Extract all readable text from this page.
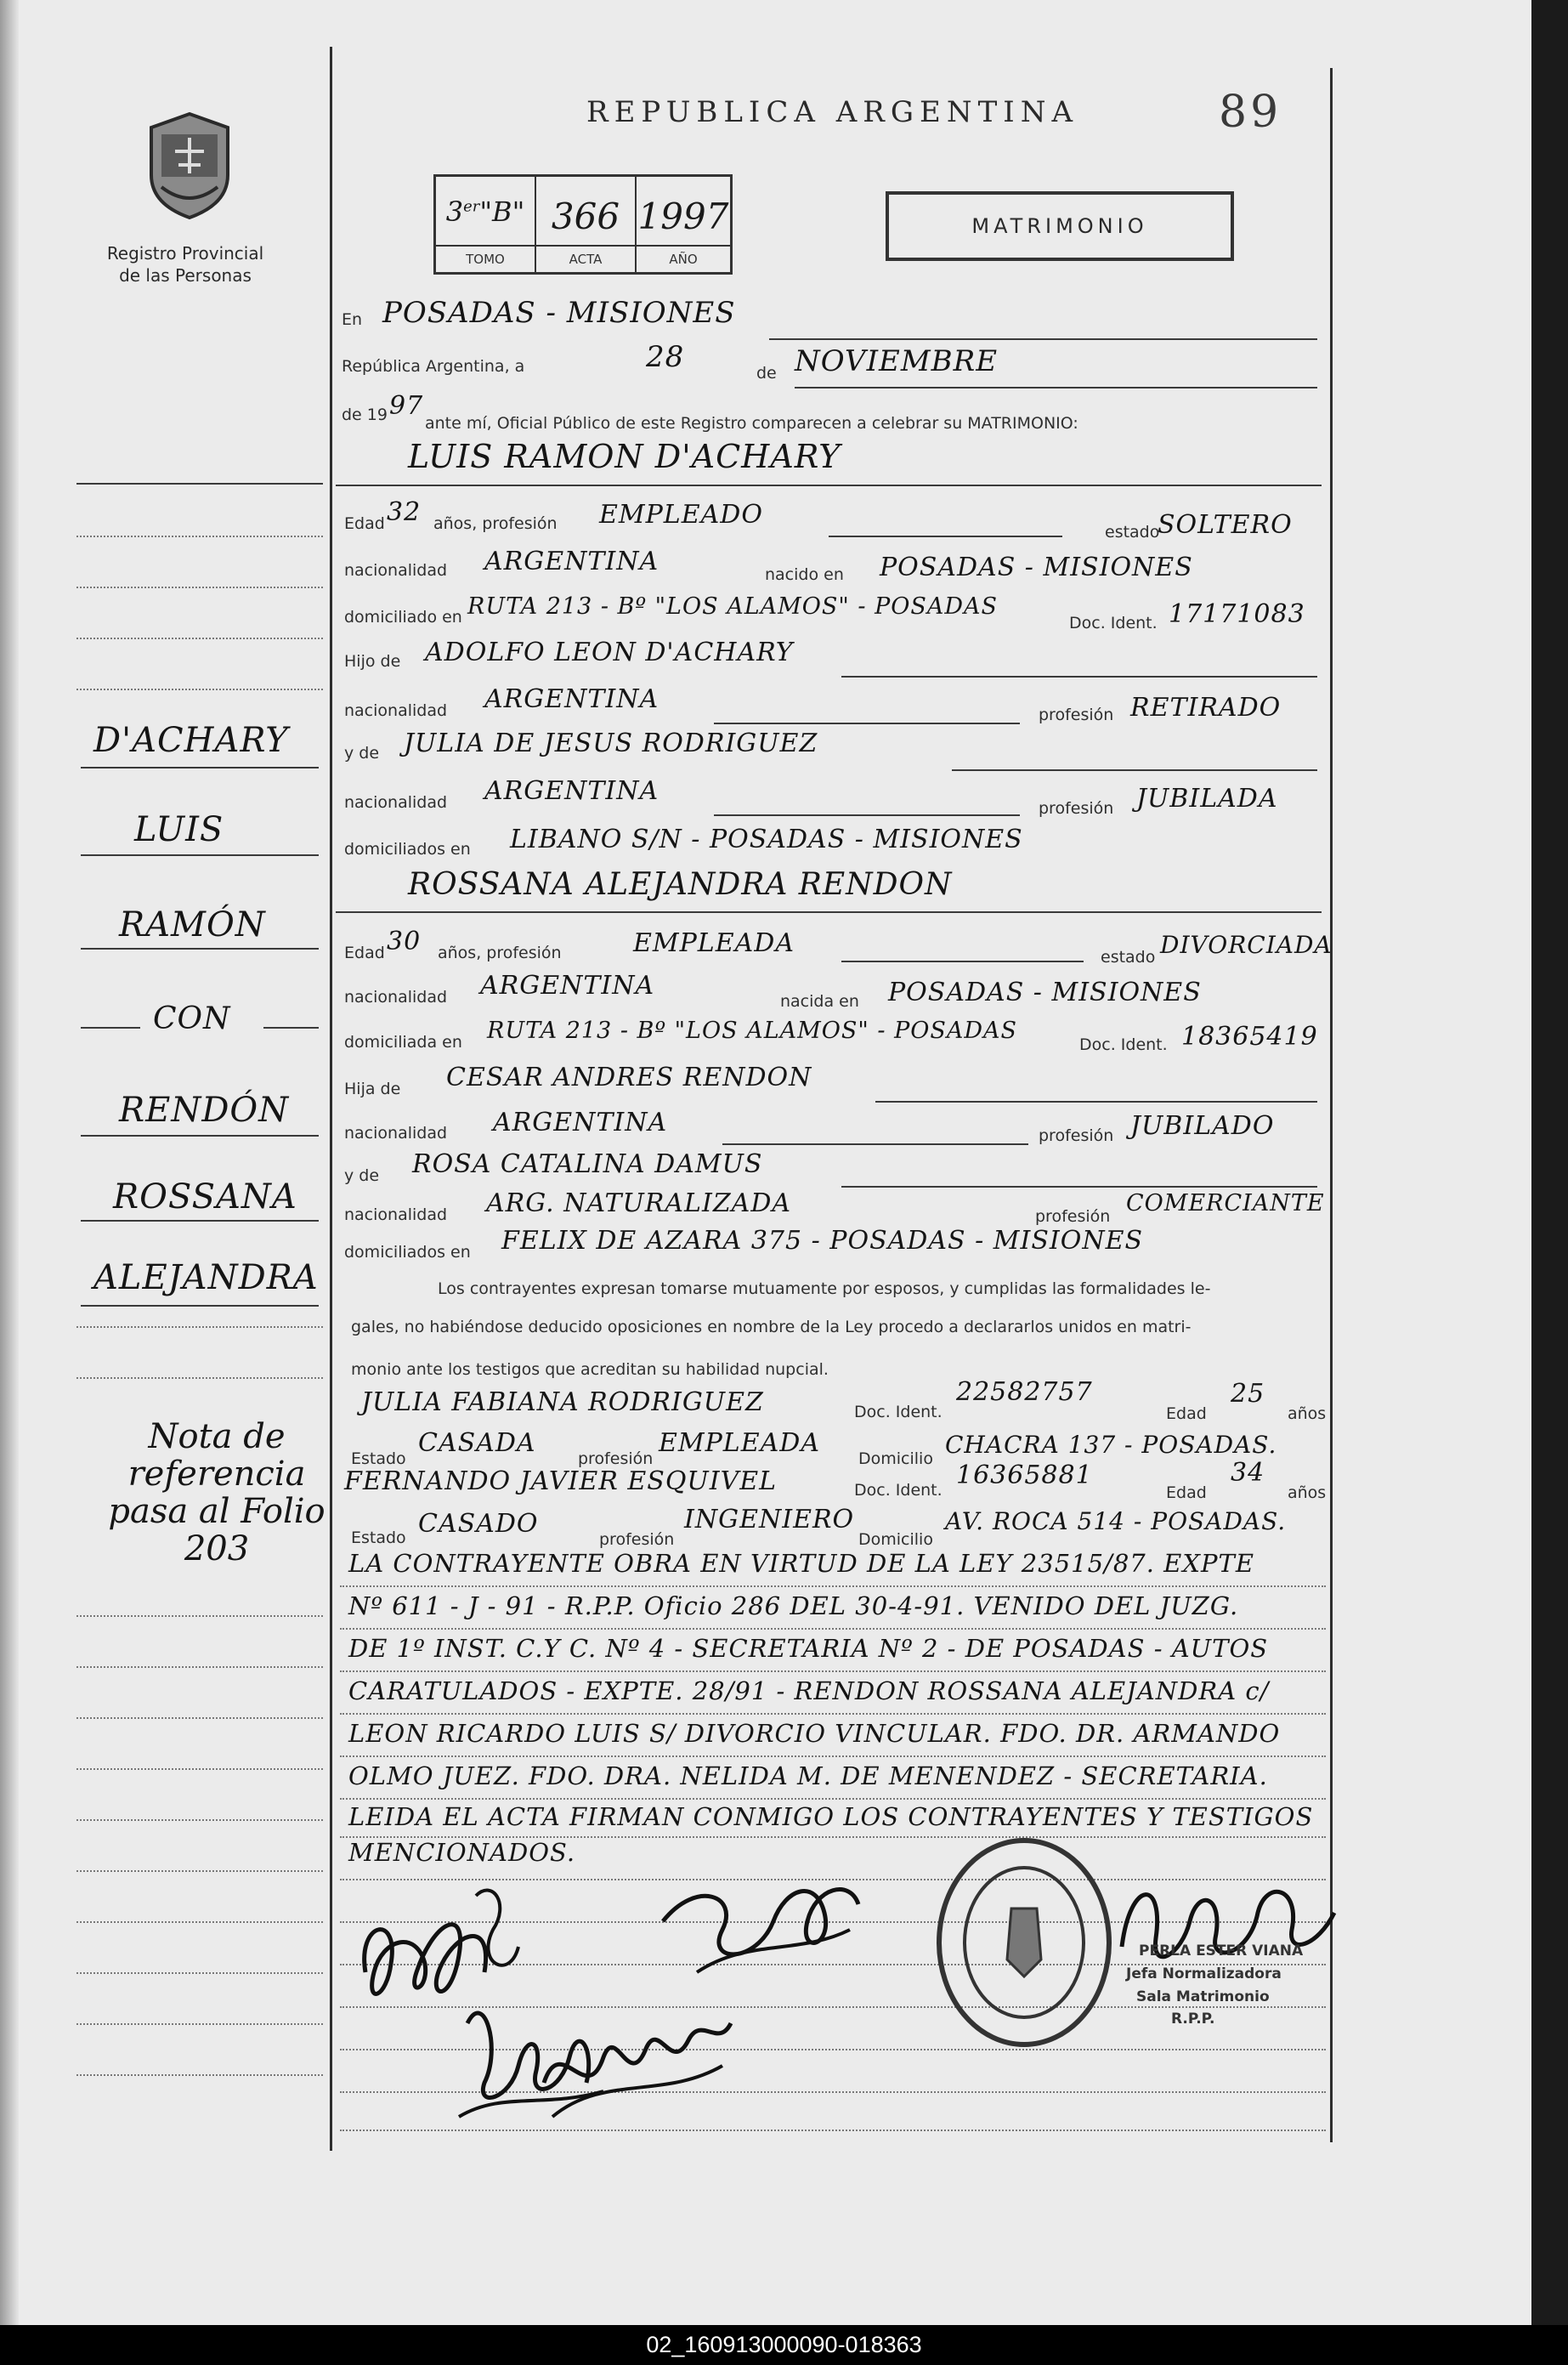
Registro Provincial de las Personas
REPUBLICA ARGENTINA	89
3er"B"
TOMO
366
ACTA
1997
AÑO
MATRIMONIO
En POSADAS - MISIONES
República Argentina, a	28	de NOVIEMBRE
de 19 97
ante mí, Oficial Público de este Registro comparecen a celebrar su MATRIMONIO:
LUIS RAMON D'ACHARY
Edad 32 años, profesión EMPLEADO
estado
SOLTERO
nacionalidad ARGENTINA	nacido en POSADAS - MISIONES
domiciliado en RUTA 213 - Bº "LOS ALAMOS" - POSADAS
Doc. Ident. 17171083
Hijo de ADOLFO LEON D'ACHARY
nacionalidad ARGENTINA
profesión RETIRADO
y de JULIA DE JESUS RODRIGUEZ
nacionalidad ARGENTINA
profesión JUBILADA
domiciliados en LIBANO S/N - POSADAS - MISIONES
ROSSANA ALEJANDRA RENDON
Edad 30 años, profesión	EMPLEADA	estado DIVORCIADA
nacionalidad ARGENTINA
nacida en POSADAS - MISIONES
domiciliada en RUTA 213 - Bº "LOS ALAMOS" - POSADAS
Doc. Ident. 18365419
Hija de CESAR ANDRES RENDON
nacionalidad ARGENTINA	profesión JUBILADO
y de ROSA CATALINA DAMUS
nacionalidad ARG. NATURALIZADA	profesión COMERCIANTE
domiciliados en FELIX DE AZARA 375 - POSADAS - MISIONES
Los contrayentes expresan tomarse mutuamente por esposos, y cumplidas las formalidades le-
gales, no habiéndose deducido oposiciones en nombre de la Ley procedo a declararlos unidos en matri-
monio ante los testigos que acreditan su habilidad nupcial.
JULIA FABIANA RODRIGUEZ	Doc. Ident.
22582757
Edad
25
años
Estado
CASADA
profesión
EMPLEADA
Domicilio CHACRA 137 - POSADAS.
FERNANDO JAVIER ESQUIVEL	Doc. Ident. 16365881
Edad
34
años
Estado CASADO
profesión
INGENIERO
Domicilio
AV. ROCA 514 - POSADAS.
LA CONTRAYENTE OBRA EN VIRTUD DE LA LEY 23515/87. EXPTE
Nº 611 - J - 91 - R.P.P. Oficio 286 DEL 30-4-91. VENIDO DEL JUZG.
DE 1º INST. C.Y C. Nº 4 - SECRETARIA Nº 2 - DE POSADAS - AUTOS
CARATULADOS - EXPTE. 28/91 - RENDON ROSSANA ALEJANDRA c/
LEON RICARDO LUIS S/ DIVORCIO VINCULAR. FDO. DR. ARMANDO
OLMO JUEZ. FDO. DRA. NELIDA M. DE MENENDEZ - SECRETARIA.
LEIDA EL ACTA FIRMAN CONMIGO LOS CONTRAYENTES Y TESTIGOS
MENCIONADOS.
D'ACHARY
LUIS
RAMÓN
CON
RENDÓN
ROSSANA
ALEJANDRA
Nota de
referencia
pasa al Folio
203
PERLA ESTER VIANA
Jefa Normalizadora
Sala Matrimonio
R.P.P.
02_160913000090-018363
